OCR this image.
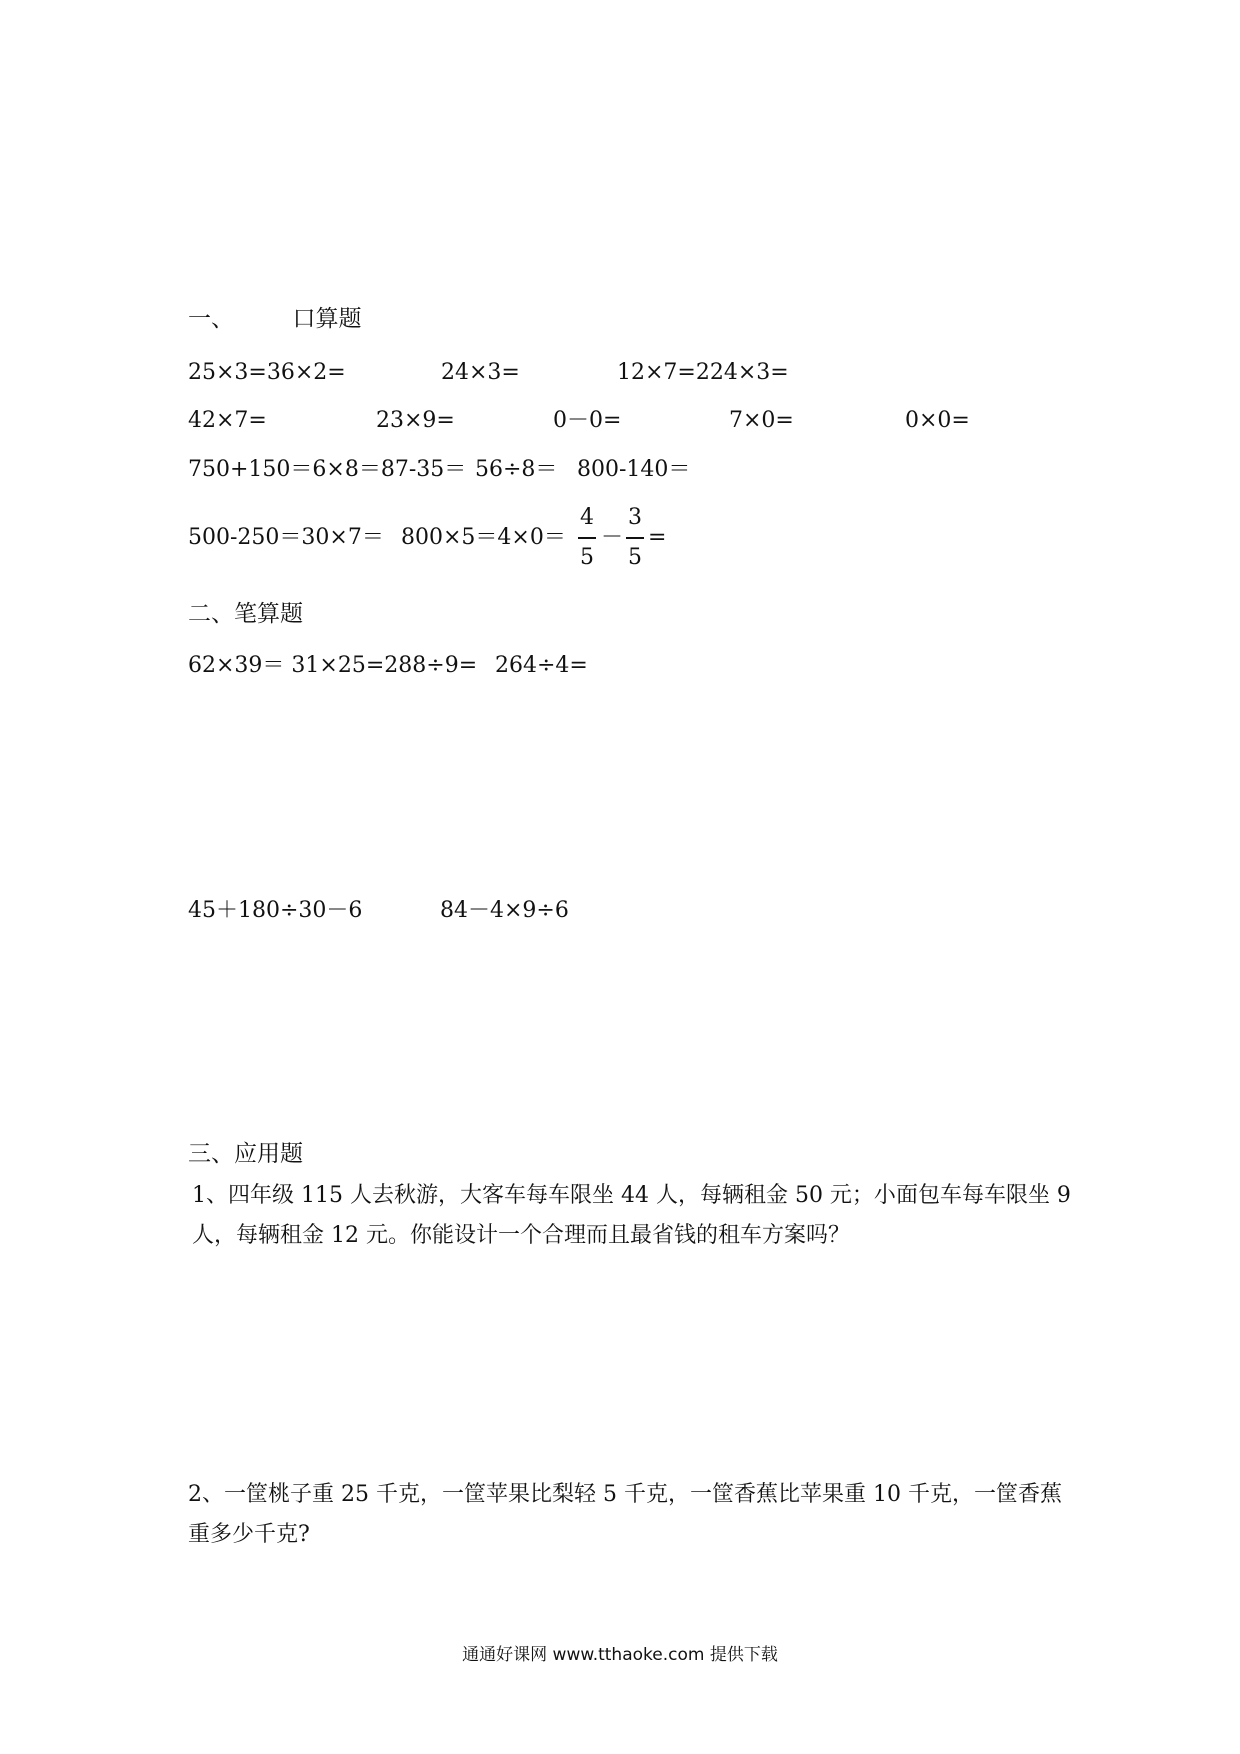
一、        口算题
25×3=36×2=	24×3=	12×7=224×3=
42×7=	23×9=	0－0=	7×0=	0×0=
750+150＝6×8＝87-35＝ 56÷8＝ 800-140＝
500-250＝30×7＝ 800×5＝4×0＝
4
5
－
3
5
=
二、笔算题
62×39＝ 31×25=288÷9= 264÷4=
45＋180÷30－6	84－4×9÷6
三、应用题
1、四年级 115 人去秋游，大客车每车限坐 44 人，每辆租金 50 元；小面包车每车限坐 9 人，每辆租金 12 元。你能设计一个合理而且最省钱的租车方案吗？
2、一筐桃子重 25 千克，一筐苹果比梨轻 5 千克，一筐香蕉比苹果重 10 千克，一筐香蕉重多少千克?
通通好课网 www.tthaoke.com 提供下载
